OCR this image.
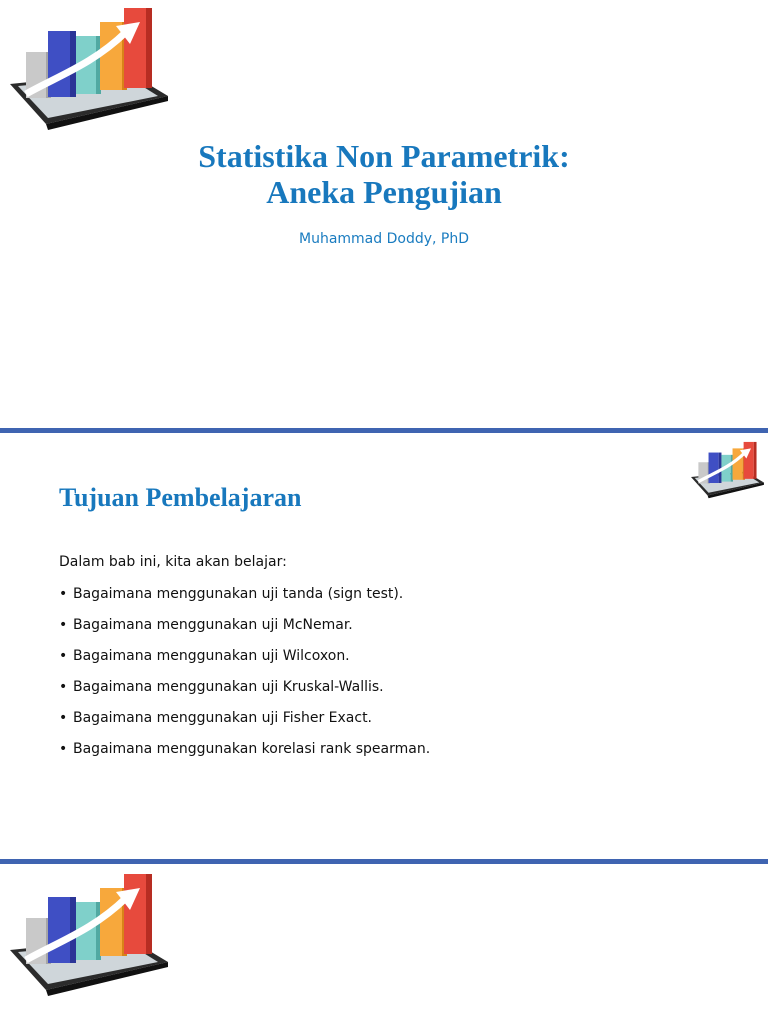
Statistika Non Parametrik:
Aneka Pengujian
Muhammad Doddy, PhD
Tujuan Pembelajaran
Dalam bab ini, kita akan belajar:
• Bagaimana menggunakan uji tanda (sign test).
• Bagaimana menggunakan uji McNemar.
• Bagaimana menggunakan uji Wilcoxon.
• Bagaimana menggunakan uji Kruskal-Wallis.
• Bagaimana menggunakan uji Fisher Exact.
• Bagaimana menggunakan korelasi rank spearman.
